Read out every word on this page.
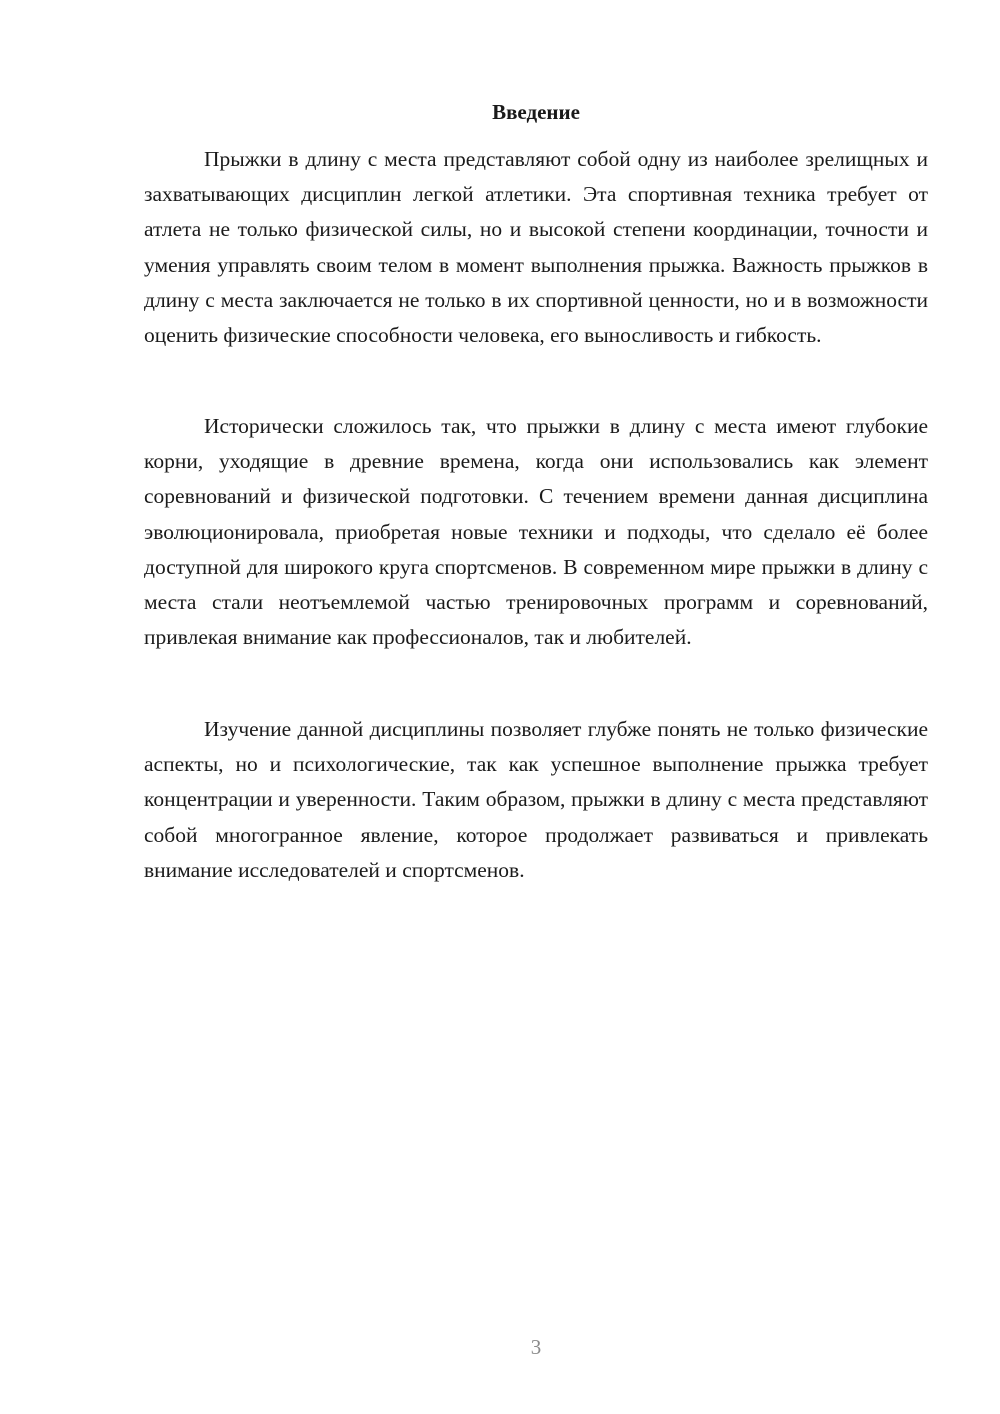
Введение

Прыжки в длину с места представляют собой одну из наиболее зрелищных и захватывающих дисциплин легкой атлетики. Эта спортивная техника требует от атлета не только физической силы, но и высокой степени координации, точности и умения управлять своим телом в момент выполнения прыжка. Важность прыжков в длину с места заключается не только в их спортивной ценности, но и в возможности оценить физические способности человека, его выносливость и гибкость.

Исторически сложилось так, что прыжки в длину с места имеют глубокие корни, уходящие в древние времена, когда они использовались как элемент соревнований и физической подготовки. С течением времени данная дисциплина эволюционировала, приобретая новые техники и подходы, что сделало её более доступной для широкого круга спортсменов. В современном мире прыжки в длину с места стали неотъемлемой частью тренировочных программ и соревнований, привлекая внимание как профессионалов, так и любителей.

Изучение данной дисциплины позволяет глубже понять не только физические аспекты, но и психологические, так как успешное выполнение прыжка требует концентрации и уверенности. Таким образом, прыжки в длину с места представляют собой многогранное явление, которое продолжает развиваться и привлекать внимание исследователей и спортсменов.

3
